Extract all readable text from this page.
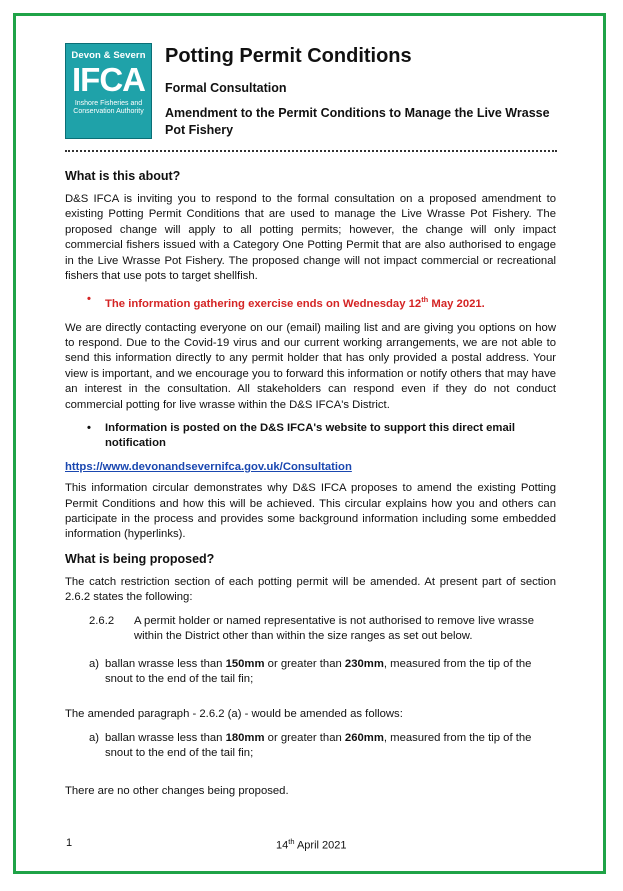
Devon & Severn
IFCA
Inshore Fisheries and
Conservation Authority
Potting Permit Conditions
Formal Consultation
Amendment to the Permit Conditions to Manage the Live Wrasse Pot Fishery
What is this about?

D&S IFCA is inviting you to respond to the formal consultation on a proposed amendment to existing Potting Permit Conditions that are used to manage the Live Wrasse Pot Fishery. The proposed change will apply to all potting permits; however, the change will only impact commercial fishers issued with a Category One Potting Permit that are also authorised to engage in the Live Wrasse Pot Fishery. The proposed change will not impact commercial or recreational fishers that use pots to target shellfish.

• The information gathering exercise ends on Wednesday 12th May 2021.

We are directly contacting everyone on our (email) mailing list and are giving you options on how to respond. Due to the Covid-19 virus and our current working arrangements, we are not able to send this information directly to any permit holder that has only provided a postal address. Your view is important, and we encourage you to forward this information or notify others that may have an interest in the consultation. All stakeholders can respond even if they do not conduct commercial potting for live wrasse within the D&S IFCA's District.

• Information is posted on the D&S IFCA's website to support this direct email notification

https://www.devonandsevernifca.gov.uk/Consultation

This information circular demonstrates why D&S IFCA proposes to amend the existing Potting Permit Conditions and how this will be achieved. This circular explains how you and others can participate in the process and provides some background information including some embedded information (hyperlinks).

What is being proposed?

The catch restriction section of each potting permit will be amended. At present part of section 2.6.2 states the following:

2.6.2 A permit holder or named representative is not authorised to remove live wrasse within the District other than within the size ranges as set out below.
a) ballan wrasse less than 150mm or greater than 230mm, measured from the tip of the snout to the end of the tail fin;

The amended paragraph - 2.6.2 (a) - would be amended as follows:

a) ballan wrasse less than 180mm or greater than 260mm, measured from the tip of the snout to the end of the tail fin;

There are no other changes being proposed.

1	14th April 2021
